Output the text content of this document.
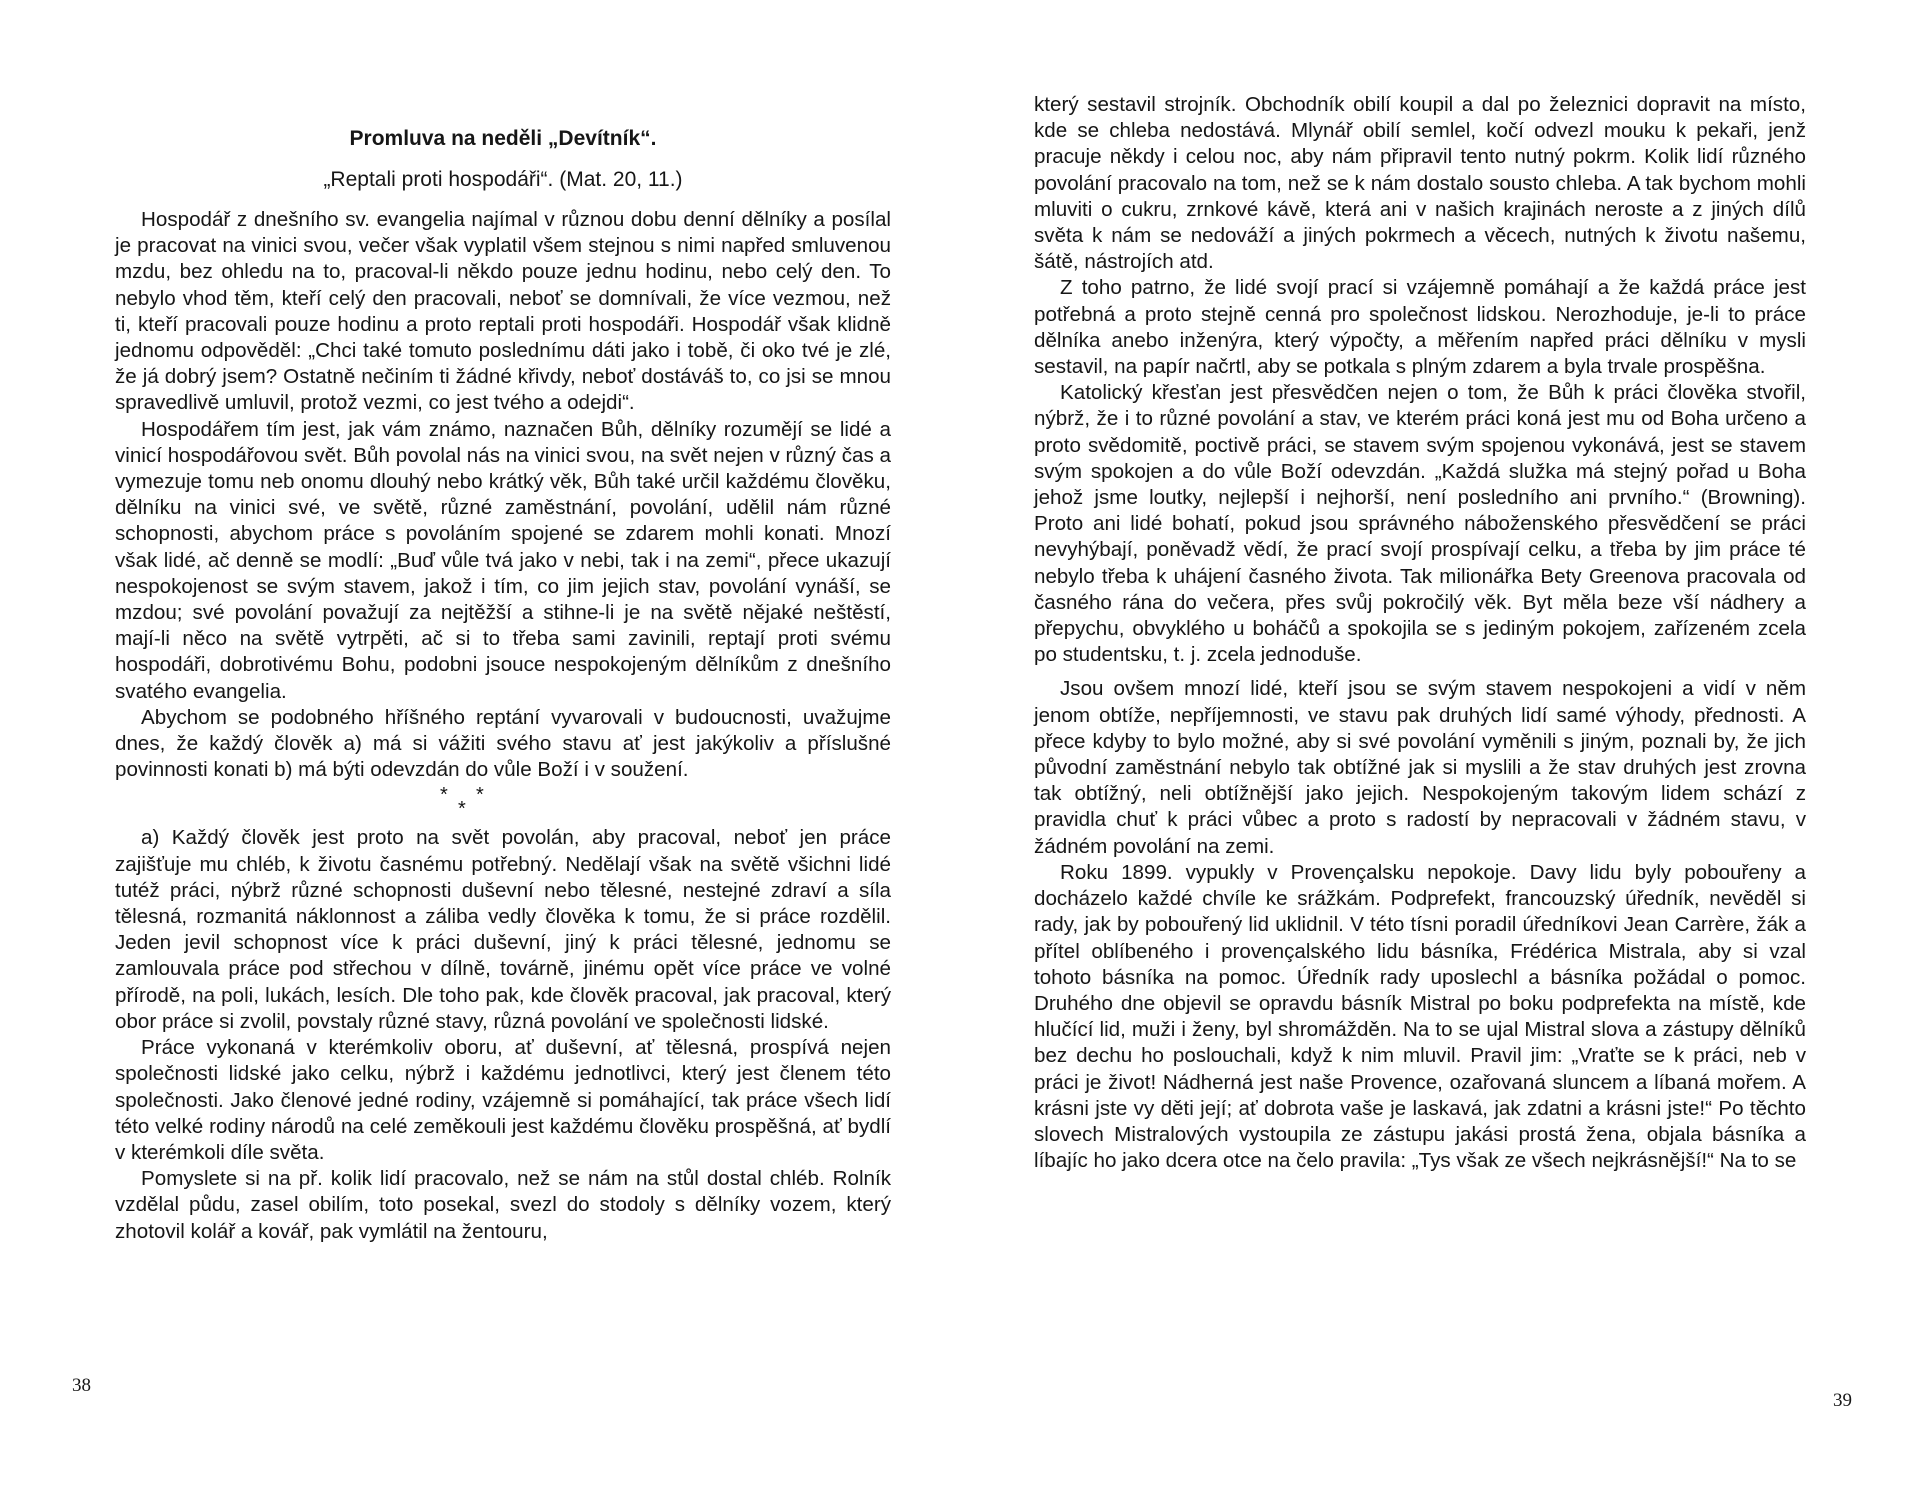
Promluva na neděli „Devítník“.
„Reptali proti hospodáři“. (Mat. 20, 11.)

Hospodář z dnešního sv. evangelia najímal v různou dobu denní dělníky a posílal je pracovat na vinici svou, večer však vyplatil všem stejnou s nimi napřed smluvenou mzdu, bez ohledu na to, pracoval-li někdo pouze jednu hodinu, nebo celý den. To nebylo vhod těm, kteří celý den pracovali, neboť se domnívali, že více vezmou, než ti, kteří pracovali pouze hodinu a proto reptali proti hospodáři. Hospodář však klidně jednomu odpověděl: „Chci také tomuto poslednímu dáti jako i tobě, či oko tvé je zlé, že já dobrý jsem? Ostatně nečiním ti žádné křivdy, neboť dostáváš to, co jsi se mnou spravedlivě umluvil, protož vezmi, co jest tvého a odejdi“.

Hospodářem tím jest, jak vám známo, naznačen Bůh, dělníky rozumějí se lidé a vinicí hospodářovou svět. Bůh povolal nás na vinici svou, na svět nejen v různý čas a vymezuje tomu neb onomu dlouhý nebo krátký věk, Bůh také určil každému člověku, dělníku na vinici své, ve světě, různé zaměstnání, povolání, udělil nám různé schopnosti, abychom práce s povoláním spojené se zdarem mohli konati. Mnozí však lidé, ač denně se modlí: „Buď vůle tvá jako v nebi, tak i na zemi“, přece ukazují nespokojenost se svým stavem, jakož i tím, co jim jejich stav, povolání vynáší, se mzdou; své povolání považují za nejtěžší a stihne-li je na světě nějaké neštěstí, mají-li něco na světě vytrpěti, ač si to třeba sami zavinili, reptají proti svému hospodáři, dobrotivému Bohu, podobni jsouce nespokojeným dělníkům z dnešního svatého evangelia.

Abychom se podobného hříšného reptání vyvarovali v budoucnosti, uvažujme dnes, že každý člověk a) má si vážiti svého stavu ať jest jakýkoliv a příslušné povinnosti konati b) má býti odevzdán do vůle Boží i v soužení.

*
*
*

a) Každý člověk jest proto na svět povolán, aby pracoval, neboť jen práce zajišťuje mu chléb, k životu časnému potřebný. Nedělají však na světě všichni lidé tutéž práci, nýbrž různé schopnosti duševní nebo tělesné, nestejné zdraví a síla tělesná, rozmanitá náklonnost a záliba vedly člověka k tomu, že si práce rozdělil. Jeden jevil schopnost více k práci duševní, jiný k práci tělesné, jednomu se zamlouvala práce pod střechou v dílně, továrně, jinému opět více práce ve volné přírodě, na poli, lukách, lesích. Dle toho pak, kde člověk pracoval, jak pracoval, který obor práce si zvolil, povstaly různé stavy, různá povolání ve společnosti lidské.

Práce vykonaná v kterémkoliv oboru, ať duševní, ať tělesná, prospívá nejen společnosti lidské jako celku, nýbrž i každému jednotlivci, který jest členem této společnosti. Jako členové jedné rodiny, vzájemně si pomáhající, tak práce všech lidí této velké rodiny národů na celé zeměkouli jest každému člověku prospěšná, ať bydlí v kterémkoli díle světa.

Pomyslete si na př. kolik lidí pracovalo, než se nám na stůl dostal chléb. Rolník vzdělal půdu, zasel obilím, toto posekal, svezl do stodoly s dělníky vozem, který zhotovil kolář a kovář, pak vymlátil na žentouru,

38

který sestavil strojník. Obchodník obilí koupil a dal po železnici dopravit na místo, kde se chleba nedostává. Mlynář obilí semlel, kočí odvezl mouku k pekaři, jenž pracuje někdy i celou noc, aby nám připravil tento nutný pokrm. Kolik lidí různého povolání pracovalo na tom, než se k nám dostalo sousto chleba. A tak bychom mohli mluviti o cukru, zrnkové kávě, která ani v našich krajinách neroste a z jiných dílů světa k nám se nedováží a jiných pokrmech a věcech, nutných k životu našemu, šátě, nástrojích atd.

Z toho patrno, že lidé svojí prací si vzájemně pomáhají a že každá práce jest potřebná a proto stejně cenná pro společnost lidskou. Nerozhoduje, je-li to práce dělníka anebo inženýra, který výpočty, a měřením napřed práci dělníku v mysli sestavil, na papír načrtl, aby se potkala s plným zdarem a byla trvale prospěšna.

Katolický křesťan jest přesvědčen nejen o tom, že Bůh k práci člověka stvořil, nýbrž, že i to různé povolání a stav, ve kterém práci koná jest mu od Boha určeno a proto svědomitě, poctivě práci, se stavem svým spojenou vykonává, jest se stavem svým spokojen a do vůle Boží odevzdán. „Každá služka má stejný pořad u Boha jehož jsme loutky, nejlepší i nejhorší, není posledního ani prvního.“ (Browning). Proto ani lidé bohatí, pokud jsou správného náboženského přesvědčení se práci nevyhýbají, poněvadž vědí, že prací svojí prospívají celku, a třeba by jim práce té nebylo třeba k uhájení časného života. Tak milionářka Bety Greenova pracovala od časného rána do večera, přes svůj pokročilý věk. Byt měla beze vší nádhery a přepychu, obvyklého u boháčů a spokojila se s jediným pokojem, zařízeném zcela po studentsku, t. j. zcela jednoduše.

Jsou ovšem mnozí lidé, kteří jsou se svým stavem nespokojeni a vidí v něm jenom obtíže, nepříjemnosti, ve stavu pak druhých lidí samé výhody, přednosti. A přece kdyby to bylo možné, aby si své povolání vyměnili s jiným, poznali by, že jich původní zaměstnání nebylo tak obtížné jak si myslili a že stav druhých jest zrovna tak obtížný, neli obtížnější jako jejich. Nespokojeným takovým lidem schází z pravidla chuť k práci vůbec a proto s radostí by nepracovali v žádném stavu, v žádném povolání na zemi.

Roku 1899. vypukly v Provençalsku nepokoje. Davy lidu byly pobouřeny a docházelo každé chvíle ke srážkám. Podprefekt, francouzský úředník, nevěděl si rady, jak by pobouřený lid uklidnil. V této tísni poradil úředníkovi Jean Carrère, žák a přítel oblíbeného i provençalského lidu básníka, Frédérica Mistrala, aby si vzal tohoto básníka na pomoc. Úředník rady uposlechl a básníka požádal o pomoc. Druhého dne objevil se opravdu básník Mistral po boku podprefekta na místě, kde hlučící lid, muži i ženy, byl shromážděn. Na to se ujal Mistral slova a zástupy dělníků bez dechu ho poslouchali, když k nim mluvil. Pravil jim: „Vraťte se k práci, neb v práci je život! Nádherná jest naše Provence, ozařovaná sluncem a líbaná mořem. A krásni jste vy děti její; ať dobrota vaše je laskavá, jak zdatni a krásni jste!“ Po těchto slovech Mistralových vystoupila ze zástupu jakási prostá žena, objala básníka a líbajíc ho jako dcera otce na čelo pravila: „Tys však ze všech nejkrásnější!“ Na to se

39
